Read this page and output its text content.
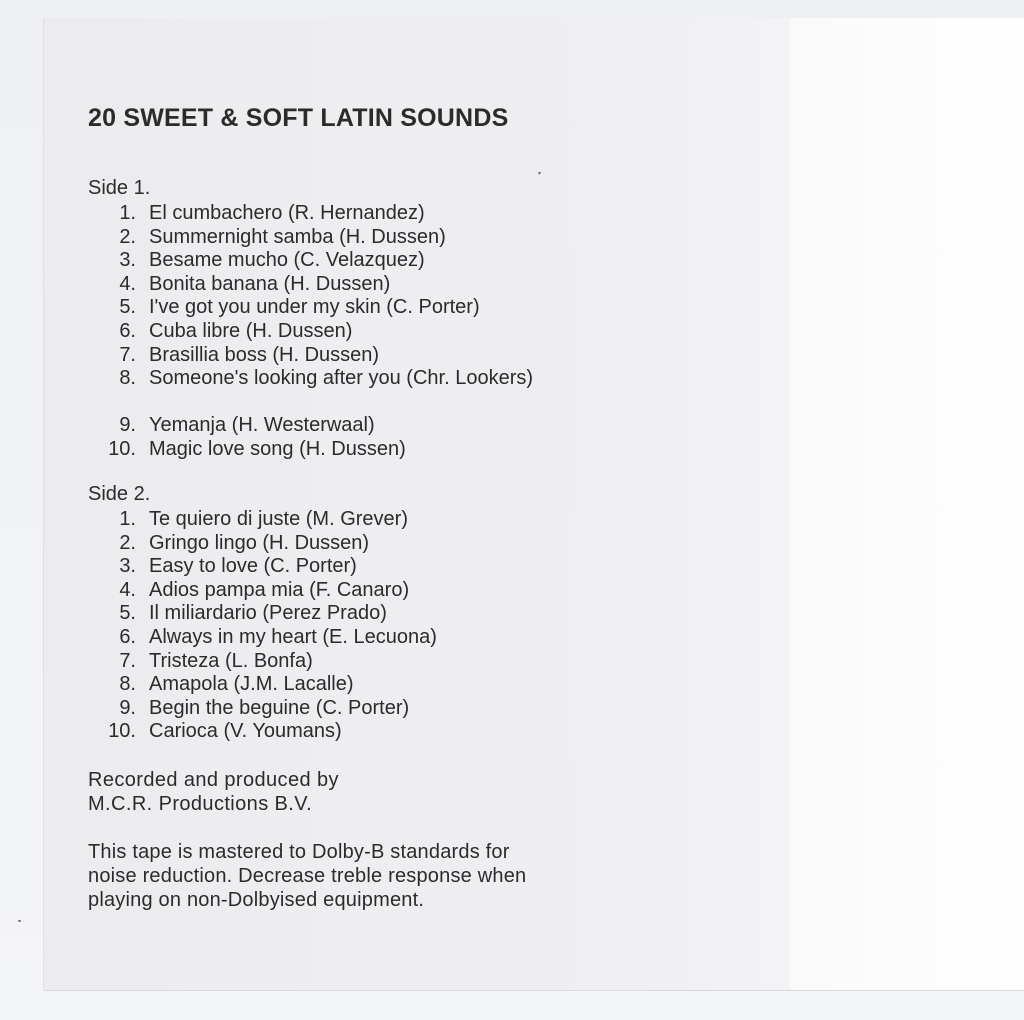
20 SWEET & SOFT LATIN SOUNDS
Side 1.
1. El cumbachero (R. Hernandez)
2. Summernight samba (H. Dussen)
3. Besame mucho (C. Velazquez)
4. Bonita banana (H. Dussen)
5. I've got you under my skin (C. Porter)
6. Cuba libre (H. Dussen)
7. Brasillia boss (H. Dussen)
8. Someone's looking after you (Chr. Lookers)
9. Yemanja (H. Westerwaal)
10. Magic love song (H. Dussen)
Side 2.
1. Te quiero di juste (M. Grever)
2. Gringo lingo (H. Dussen)
3. Easy to love (C. Porter)
4. Adios pampa mia (F. Canaro)
5. Il miliardario (Perez Prado)
6. Always in my heart (E. Lecuona)
7. Tristeza (L. Bonfa)
8. Amapola (J.M. Lacalle)
9. Begin the beguine (C. Porter)
10. Carioca (V. Youmans)
Recorded and produced by
M.C.R. Productions B.V.
This tape is mastered to Dolby-B standards for
noise reduction. Decrease treble response when
playing on non-Dolbyised equipment.
